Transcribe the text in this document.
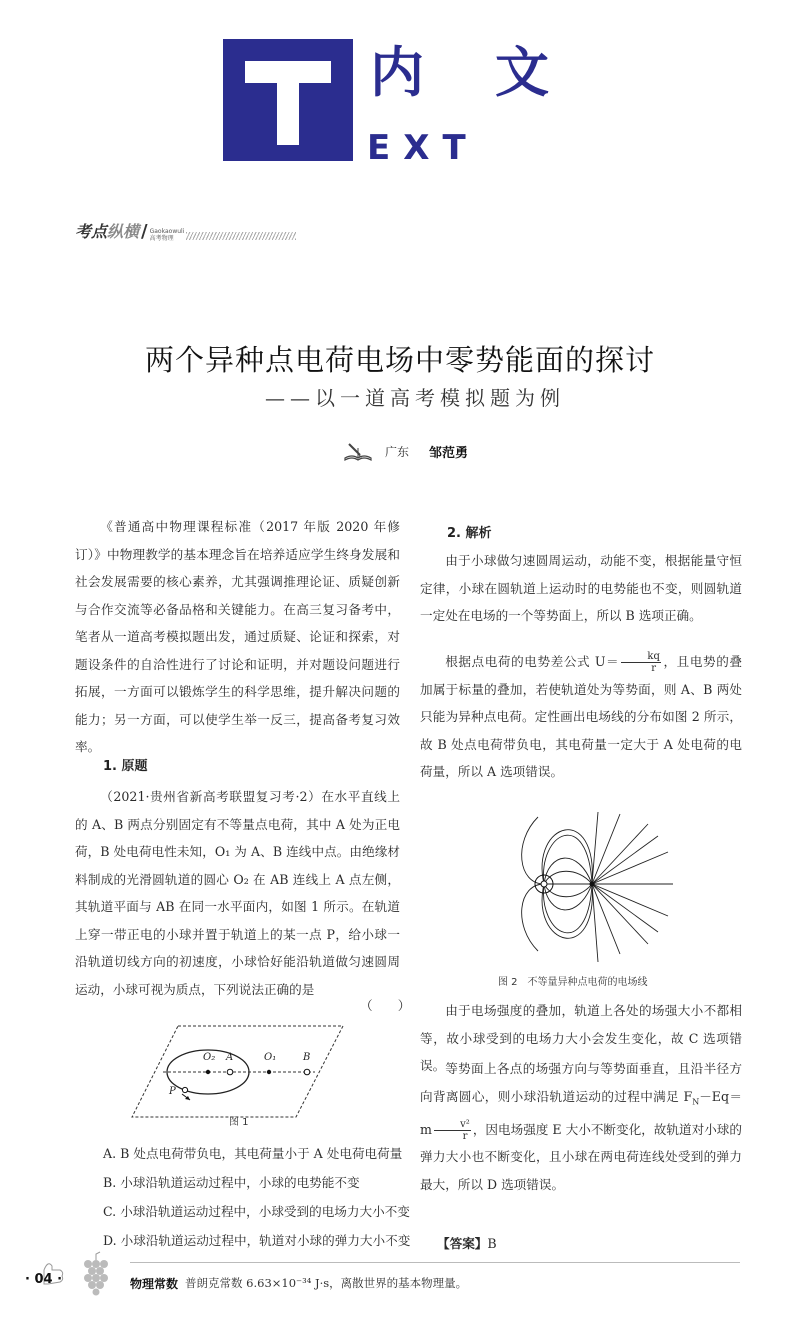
内 文
EXT
考点纵横 / Gaokaowuli
高考物理
两个异种点电荷电场中零势能面的探讨
——以一道高考模拟题为例
广东 邹范勇

《普通高中物理课程标准（2017 年版 2020 年修订）》中物理教学的基本理念旨在培养适应学生终身发展和社会发展需要的核心素养，尤其强调推理论证、质疑创新与合作交流等必备品格和关键能力。在高三复习备考中，笔者从一道高考模拟题出发，通过质疑、论证和探索，对题设条件的自洽性进行了讨论和证明，并对题设问题进行拓展，一方面可以锻炼学生的科学思维，提升解决问题的能力；另一方面，可以使学生举一反三，提高备考复习效率。

1. 原题

（2021·贵州省新高考联盟复习考·2）在水平直线上的 A、B 两点分别固定有不等量点电荷，其中 A 处为正电荷，B 处电荷电性未知，O₁ 为 A、B 连线中点。由绝缘材料制成的光滑圆轨道的圆心 O₂ 在 AB 连线上 A 点左侧，其轨道平面与 AB 在同一水平面内，如图 1 所示。在轨道上穿一带正电的小球并置于轨道上的某一点 P，给小球一沿轨道切线方向的初速度，小球恰好能沿轨道做匀速圆周运动，小球可视为质点，下列说法正确的是

（　　）
O₂ A	O₁	B
P
图 1
A. B 处点电荷带负电，其电荷量小于 A 处电荷电荷量
B. 小球沿轨道运动过程中，小球的电势能不变
C. 小球沿轨道运动过程中，小球受到的电场力大小不变
D. 小球沿轨道运动过程中，轨道对小球的弹力大小不变
2. 解析

由于小球做匀速圆周运动，动能不变，根据能量守恒定律，小球在圆轨道上运动时的电势能也不变，则圆轨道一定处在电场的一个等势面上，所以 B 选项正确。

根据点电荷的电势差公式 $U= \frac{kq}{r}$ ，且电势的叠加属于标量的叠加，若使轨道处为等势面，则 A、B 两处只能为异种点电荷。定性画出电场线的分布如图 2 所示，故 B 处点电荷带负电，其电荷量一定大于 A 处电荷的电荷量，所以 A 选项错误。

图 2　不等量异种点电荷的电场线

由于电场强度的叠加，轨道上各处的场强大小不都相等，故小球受到的电场力大小会发生变化，故 C 选项错误。 等势面上各点的场强方向与等势面垂直，且沿半径方向背离圆心，则小球沿轨道运动的过程中满足 $F_N-Eq=m \frac{\text{v²}}{r}$ ，因电场强度 E 大小不断变化，故轨道对小球的弹力大小也不断变化，且小球在两电荷连线处受到的弹力最大，所以 D 选项错误。

【答案】B
· 04 ·	物理常数 普朗克常数 6.63×10⁻³⁴ J·s，离散世界的基本物理量。
